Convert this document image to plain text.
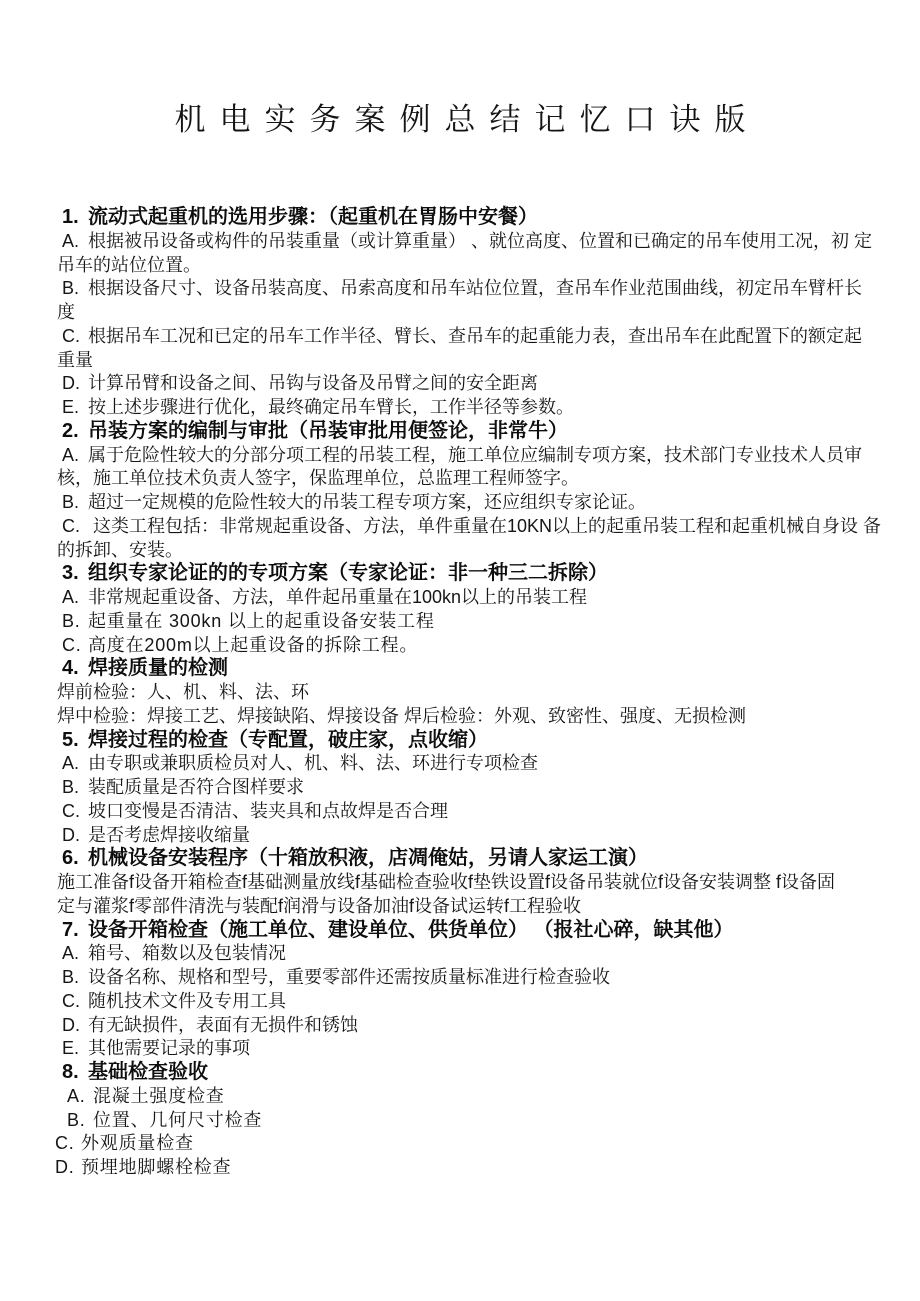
机电实务案例总结记忆口诀版
1. 流动式起重机的选用步骤：（起重机在胃肠中安餐）
A. 根据被吊设备或构件的吊装重量（或计算重量） 、就位高度、位置和已确定的吊车使用工况，初 定
吊车的站位位置。
B. 根据设备尺寸、设备吊装高度、吊索高度和吊车站位位置，查吊车作业范围曲线，初定吊车臂杆长
度
C. 根据吊车工况和已定的吊车工作半径、臂长、查吊车的起重能力表，查出吊车在此配置下的额定起
重量
D. 计算吊臂和设备之间、吊钩与设备及吊臂之间的安全距离
E. 按上述步骤进行优化，最终确定吊车臂长，工作半径等参数。
2. 吊装方案的编制与审批（吊装审批用便签论，非常牛）
A. 属于危险性较大的分部分项工程的吊装工程，施工单位应编制专项方案，技术部门专业技术人员审
核，施工单位技术负责人签字，保监理单位，总监理工程师签字。
B. 超过一定规模的危险性较大的吊装工程专项方案，还应组织专家论证。
C. 这类工程包括：非常规起重设备、方法，单件重量在10KN以上的起重吊装工程和起重机械自身设 备
的拆卸、安装。
3. 组织专家论证的的专项方案（专家论证：非一种三二拆除）
A. 非常规起重设备、方法，单件起吊重量在100kn以上的吊装工程
B. 起重量在 300kn 以上的起重设备安装工程
C. 高度在200m以上起重设备的拆除工程。
4. 焊接质量的检测
焊前检验：人、机、料、法、环
焊中检验：焊接工艺、焊接缺陷、焊接设备 焊后检验：外观、致密性、强度、无损检测
5. 焊接过程的检查（专配置，破庄家，点收缩）
A. 由专职或兼职质检员对人、机、料、法、环进行专项检查
B. 装配质量是否符合图样要求
C. 坡口变慢是否清洁、装夹具和点故焊是否合理
D. 是否考虑焊接收缩量
6. 机械设备安装程序（十箱放积液，店凋俺姑，另请人家运工演）
施工准备f设备开箱检查f基础测量放线f基础检查验收f垫铁设置f设备吊装就位f设备安装调整 f设备固
定与灌浆f零部件清洗与装配f润滑与设备加油f设备试运转f工程验收
7. 设备开箱检查（施工单位、建设单位、供货单位） （报社心碎，缺其他）
A. 箱号、箱数以及包装情况
B. 设备名称、规格和型号，重要零部件还需按质量标准进行检查验收
C. 随机技术文件及专用工具
D. 有无缺损件，表面有无损件和锈蚀
E. 其他需要记录的事项
8. 基础检查验收
A. 混凝土强度检查
B. 位置、几何尺寸检查
C. 外观质量检查
D. 预埋地脚螺栓检查
